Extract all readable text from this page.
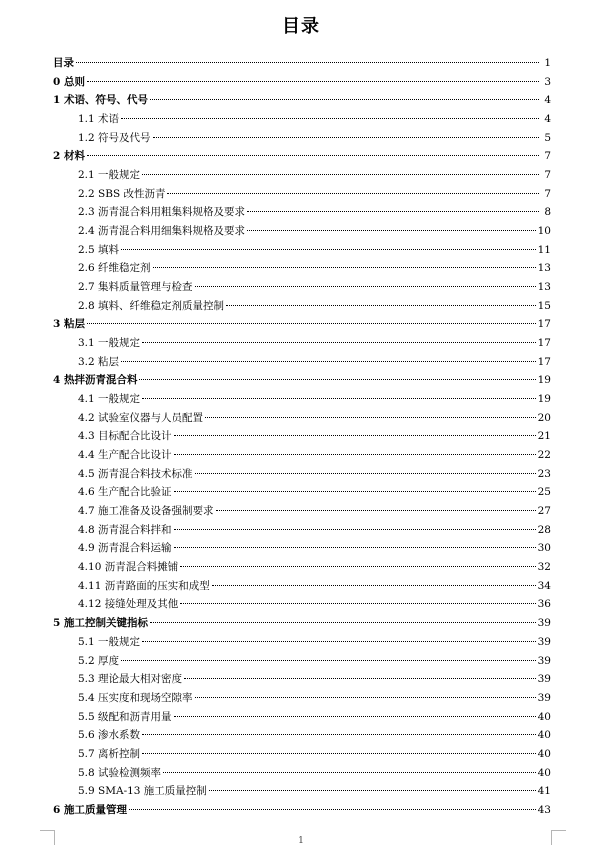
目录
目录	1
0 总则	3
1 术语、符号、代号	4
1.1 术语	4
1.2 符号及代号	5
2 材料	7
2.1 一般规定	7
2.2 SBS 改性沥青	7
2.3 沥青混合料用粗集料规格及要求	8
2.4 沥青混合料用细集料规格及要求	10
2.5 填料	11
2.6 纤维稳定剂	13
2.7 集料质量管理与检查	13
2.8 填料、纤维稳定剂质量控制	15
3 粘层	17
3.1 一般规定	17
3.2 粘层	17
4 热拌沥青混合料	19
4.1 一般规定	19
4.2 试验室仪器与人员配置	20
4.3 目标配合比设计	21
4.4 生产配合比设计	22
4.5 沥青混合料技术标准	23
4.6 生产配合比验证	25
4.7 施工准备及设备强制要求	27
4.8 沥青混合料拌和	28
4.9 沥青混合料运输	30
4.10 沥青混合料摊铺	32
4.11 沥青路面的压实和成型	34
4.12 接缝处理及其他	36
5 施工控制关键指标	39
5.1 一般规定	39
5.2 厚度	39
5.3 理论最大相对密度	39
5.4 压实度和现场空隙率	39
5.5 级配和沥青用量	40
5.6 渗水系数	40
5.7 离析控制	40
5.8 试验检测频率	40
5.9 SMA-13 施工质量控制	41
6 施工质量管理	43
1
